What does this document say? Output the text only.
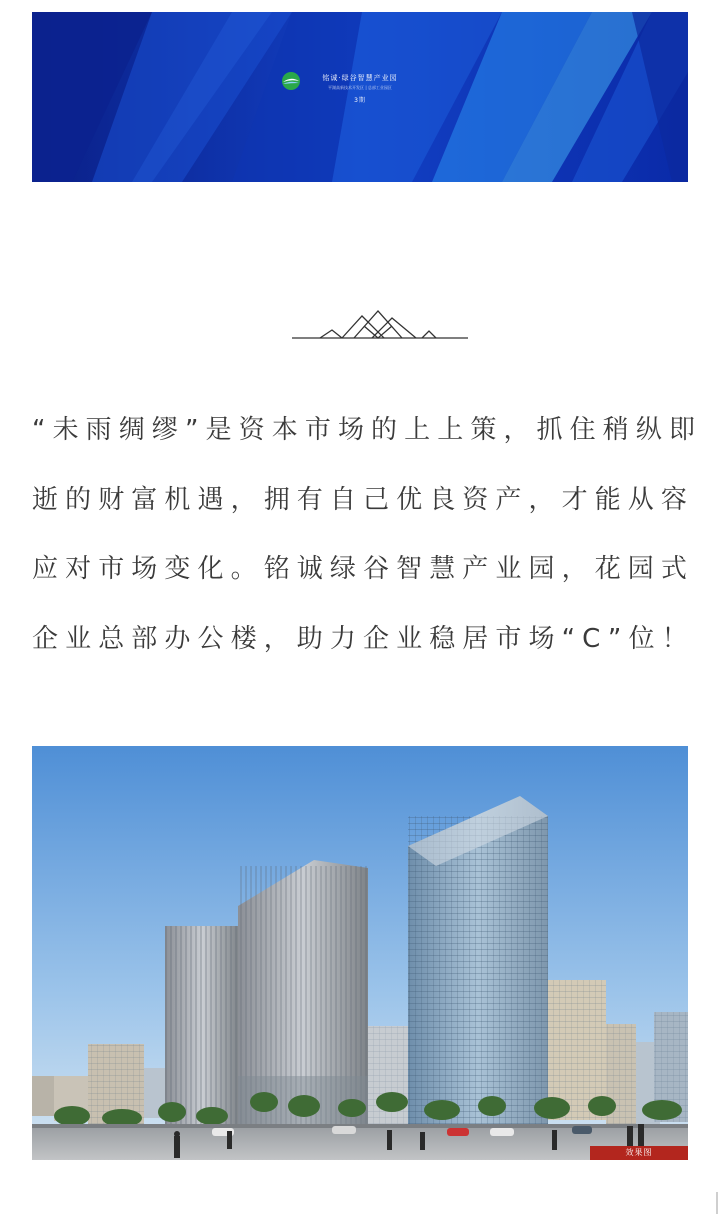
铭诚·绿谷智慧产业园
平湖高新技术开发区 | 总部工业园区
3期

“未雨绸缪”是资本市场的上上策，抓住稍纵即

逝的财富机遇，拥有自己优良资产，才能从容

应对市场变化。铭诚绿谷智慧产业园，花园式

企业总部办公楼，助力企业稳居市场“C”位！

效果图
